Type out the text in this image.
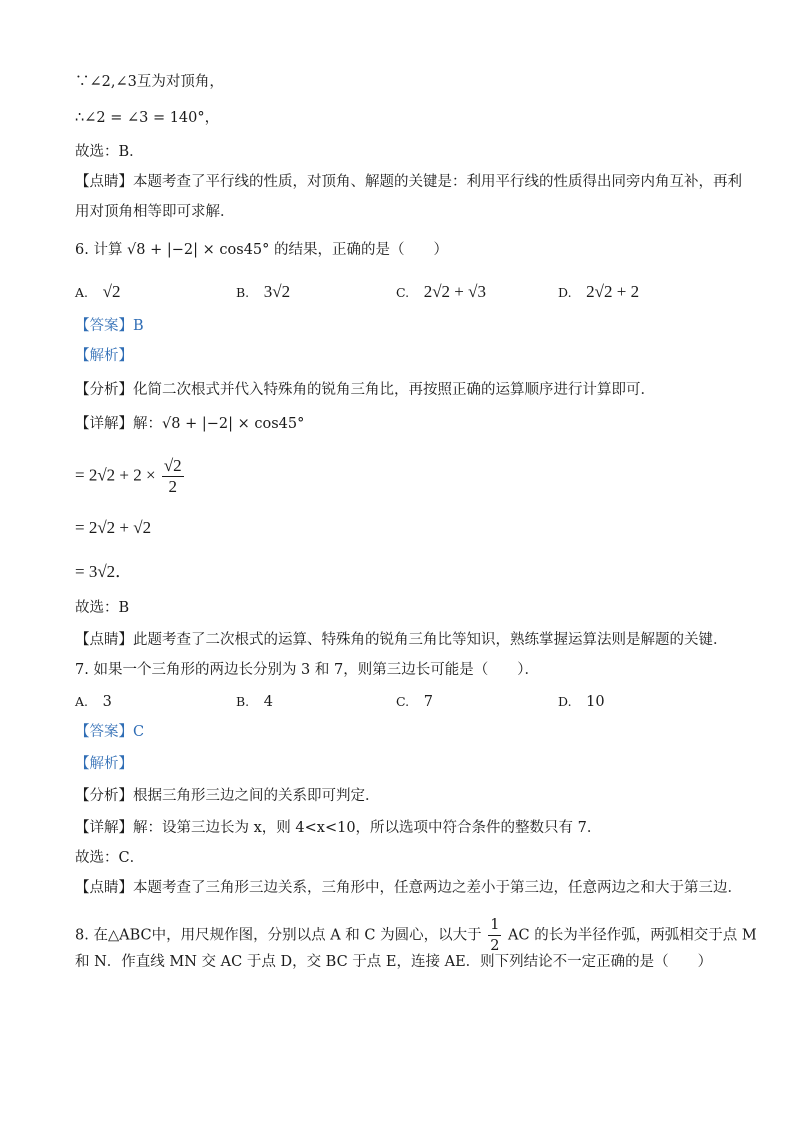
∵∠2,∠3互为对顶角，
∴∠2 = ∠3 = 140°，
故选：B．
【点睛】本题考查了平行线的性质，对顶角、解题的关键是：利用平行线的性质得出同旁内角互补，再利
用对顶角相等即可求解．
6. 计算 √8 + |−2| × cos45° 的结果，正确的是（　　）
A. √2	B. 3√2	C. 2√2 + √3	D. 2√2 + 2
【答案】B
【解析】
【分析】化简二次根式并代入特殊角的锐角三角比，再按照正确的运算顺序进行计算即可．
【详解】解：√8 + |−2| × cos45°
= $2√2 + 2 \times \frac{√2}{2}$
= 2√2 + √2
= 3√2．
故选：B
【点睛】此题考查了二次根式的运算、特殊角的锐角三角比等知识，熟练掌握运算法则是解题的关键．
7. 如果一个三角形的两边长分别为 3 和 7，则第三边长可能是（　　）．
A. 3	B. 4	C. 7	D. 10
【答案】C
【解析】
【分析】根据三角形三边之间的关系即可判定．
【详解】解：设第三边长为 x，则 4<x<10，所以选项中符合条件的整数只有 7．
故选：C．
【点睛】本题考查了三角形三边关系，三角形中，任意两边之差小于第三边，任意两边之和大于第三边．
8. 在△ABC中，用尺规作图，分别以点 A 和 C 为圆心，以大于 $\frac{1}{2}$ AC 的长为半径作弧，两弧相交于点 M
和 N．作直线 MN 交 AC 于点 D，交 BC 于点 E，连接 AE．则下列结论不一定正确的是（　　）
